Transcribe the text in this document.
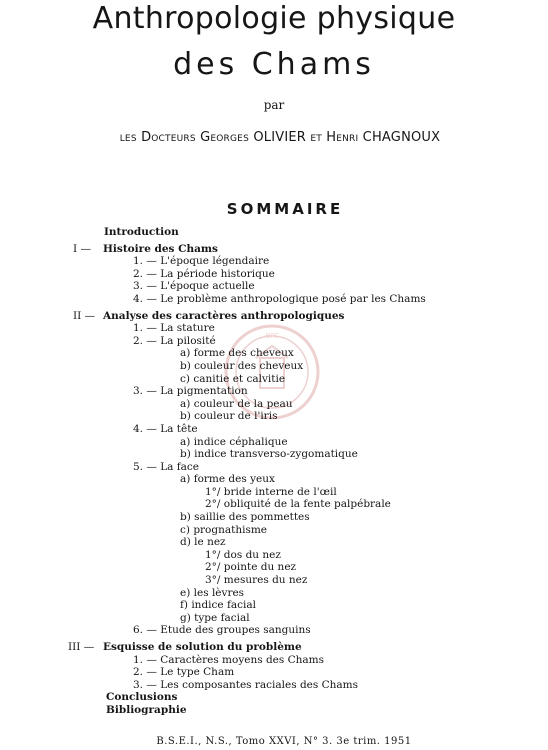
Anthropologie physique
des Chams
par
les Docteurs Georges OLIVIER et Henri CHAGNOUX
SOMMAIRE
erc
Introduction
I — Histoire des Chams
1. — L'époque légendaire
2. — La période historique
3. — L'époque actuelle
4. — Le problème anthropologique posé par les Chams
II — Analyse des caractères anthropologiques
1. — La stature
2. — La pilosité
a) forme des cheveux
b) couleur des cheveux
c) canitie et calvitie
3. — La pigmentation
a) couleur de la peau
b) couleur de l'iris
4. — La tête
a) indice céphalique
b) indice transverso-zygomatique
5. — La face
a) forme des yeux
1°/ bride interne de l'œil
2°/ obliquité de la fente palpébrale
b) saillie des pommettes
c) prognathisme
d) le nez
1°/ dos du nez
2°/ pointe du nez
3°/ mesures du nez
e) les lèvres
f) indice facial
g) type facial
6. — Etude des groupes sanguins
III — Esquisse de solution du problème
1. — Caractères moyens des Chams
2. — Le type Cham
3. — Les composantes raciales des Chams
Conclusions
Bibliographie
B.S.E.I., N.S., Tomo XXVI, N° 3. 3e trim. 1951
